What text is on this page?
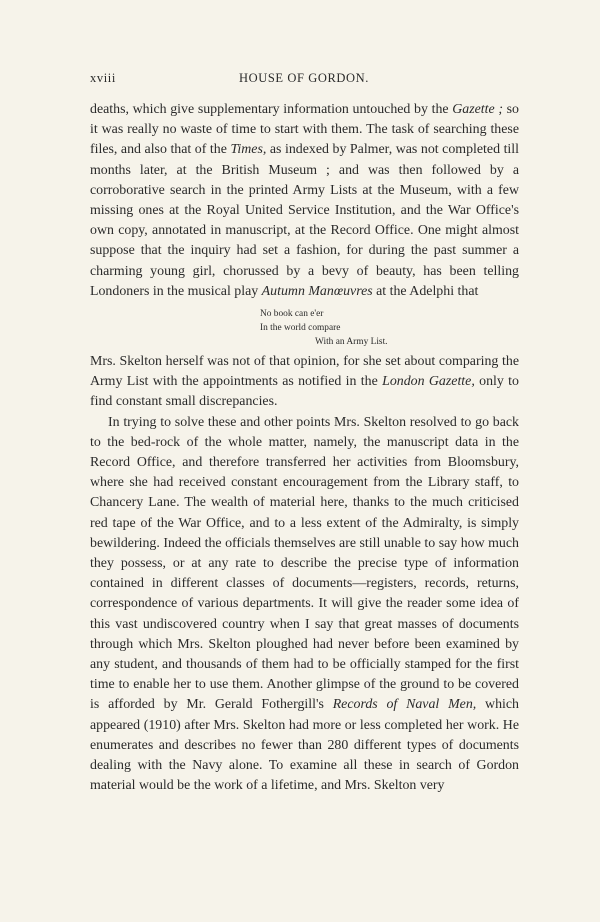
xviii	HOUSE OF GORDON.

deaths, which give supplementary information untouched by the Gazette ; so it was really no waste of time to start with them. The task of searching these files, and also that of the Times, as indexed by Palmer, was not completed till months later, at the British Museum ; and was then followed by a corroborative search in the printed Army Lists at the Museum, with a few missing ones at the Royal United Service Institution, and the War Office's own copy, annotated in manuscript, at the Record Office. One might almost suppose that the inquiry had set a fashion, for during the past summer a charming young girl, chorussed by a bevy of beauty, has been telling Londoners in the musical play Autumn Manœuvres at the Adelphi that

No book can e'er
In the world compare
With an Army List.

Mrs. Skelton herself was not of that opinion, for she set about comparing the Army List with the appointments as notified in the London Gazette, only to find constant small discrepancies.

In trying to solve these and other points Mrs. Skelton resolved to go back to the bed-rock of the whole matter, namely, the manuscript data in the Record Office, and therefore transferred her activities from Bloomsbury, where she had received constant encouragement from the Library staff, to Chancery Lane. The wealth of material here, thanks to the much criticised red tape of the War Office, and to a less extent of the Admiralty, is simply bewildering. Indeed the officials themselves are still unable to say how much they possess, or at any rate to describe the precise type of information contained in different classes of documents—registers, records, returns, correspondence of various departments. It will give the reader some idea of this vast undiscovered country when I say that great masses of documents through which Mrs. Skelton ploughed had never before been examined by any student, and thousands of them had to be officially stamped for the first time to enable her to use them. Another glimpse of the ground to be covered is afforded by Mr. Gerald Fothergill's Records of Naval Men, which appeared (1910) after Mrs. Skelton had more or less completed her work. He enumerates and describes no fewer than 280 different types of documents dealing with the Navy alone. To examine all these in search of Gordon material would be the work of a lifetime, and Mrs. Skelton very
